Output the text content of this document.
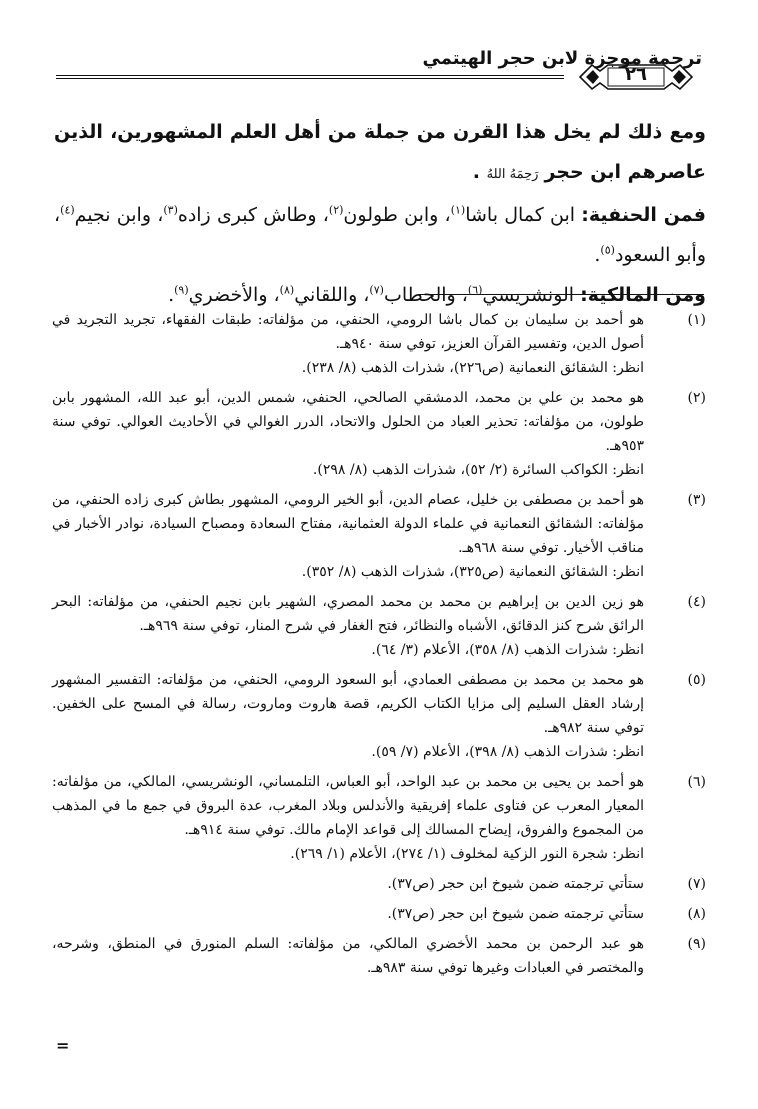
ترجمة موجزة لابن حجر الهيتمي
٢٦

ومع ذلك لم يخل هذا القرن من جملة من أهل العلم المشهورين، الذين عاصرهم ابن حجر رَحِمَهُ اللهُ .

فمن الحنفية: ابن كمال باشا$^{(١)}$، وابن طولون$^{(٢)}$، وطاش كبرى زاده$^{(٣)}$، وابن نجيم$^{(٤)}$، وأبو السعود$^{(٥)}$.

ومن المالكية: الونشريسي$^{(٦)}$، والحطاب$^{(٧)}$، واللقاني$^{(٨)}$، والأخضري$^{(٩)}$.

(١)
هو أحمد بن سليمان بن كمال باشا الرومي، الحنفي، من مؤلفاته: طبقات الفقهاء، تجريد التجريد في أصول الدين، وتفسير القرآن العزيز، توفي سنة ٩٤٠هـ.
انظر: الشقائق النعمانية (ص٢٢٦)، شذرات الذهب (٨/ ٢٣٨).
(٢)
هو محمد بن علي بن محمد، الدمشقي الصالحي، الحنفي، شمس الدين، أبو عبد الله، المشهور بابن طولون، من مؤلفاته: تحذير العباد من الحلول والاتحاد، الدرر الغوالي في الأحاديث العوالي. توفي سنة ٩٥٣هـ.
انظر: الكواكب السائرة (٢/ ٥٢)، شذرات الذهب (٨/ ٢٩٨).
(٣)
هو أحمد بن مصطفى بن خليل، عصام الدين، أبو الخير الرومي، المشهور بطاش كبرى زاده الحنفي، من مؤلفاته: الشقائق النعمانية في علماء الدولة العثمانية، مفتاح السعادة ومصباح السيادة، نوادر الأخبار في مناقب الأخيار. توفي سنة ٩٦٨هـ.
انظر: الشقائق النعمانية (ص٣٢٥)، شذرات الذهب (٨/ ٣٥٢).
(٤)
هو زين الدين بن إبراهيم بن محمد بن محمد المصري، الشهير بابن نجيم الحنفي، من مؤلفاته: البحر الرائق شرح كنز الدقائق، الأشباه والنظائر، فتح الغفار في شرح المنار، توفي سنة ٩٦٩هـ.
انظر: شذرات الذهب (٨/ ٣٥٨)، الأعلام (٣/ ٦٤).
(٥)
هو محمد بن محمد بن مصطفى العمادي، أبو السعود الرومي، الحنفي، من مؤلفاته: التفسير المشهور إرشاد العقل السليم إلى مزايا الكتاب الكريم، قصة هاروت وماروت، رسالة في المسح على الخفين. توفي سنة ٩٨٢هـ.
انظر: شذرات الذهب (٨/ ٣٩٨)، الأعلام (٧/ ٥٩).
(٦)
هو أحمد بن يحيى بن محمد بن عبد الواحد، أبو العباس، التلمساني، الونشريسي، المالكي، من مؤلفاته: المعيار المعرب عن فتاوى علماء إفريقية والأندلس وبلاد المغرب، عدة البروق في جمع ما في المذهب من المجموع والفروق، إيضاح المسالك إلى قواعد الإمام مالك. توفي سنة ٩١٤هـ.
انظر: شجرة النور الزكية لمخلوف (١/ ٢٧٤)، الأعلام (١/ ٢٦٩).
(٧)
ستأتي ترجمته ضمن شيوخ ابن حجر (ص٣٧).
(٨)
ستأتي ترجمته ضمن شيوخ ابن حجر (ص٣٧).
(٩)
هو عبد الرحمن بن محمد الأخضري المالكي، من مؤلفاته: السلم المنورق في المنطق، وشرحه، والمختصر في العبادات وغيرها توفي سنة ٩٨٣هـ.
=
